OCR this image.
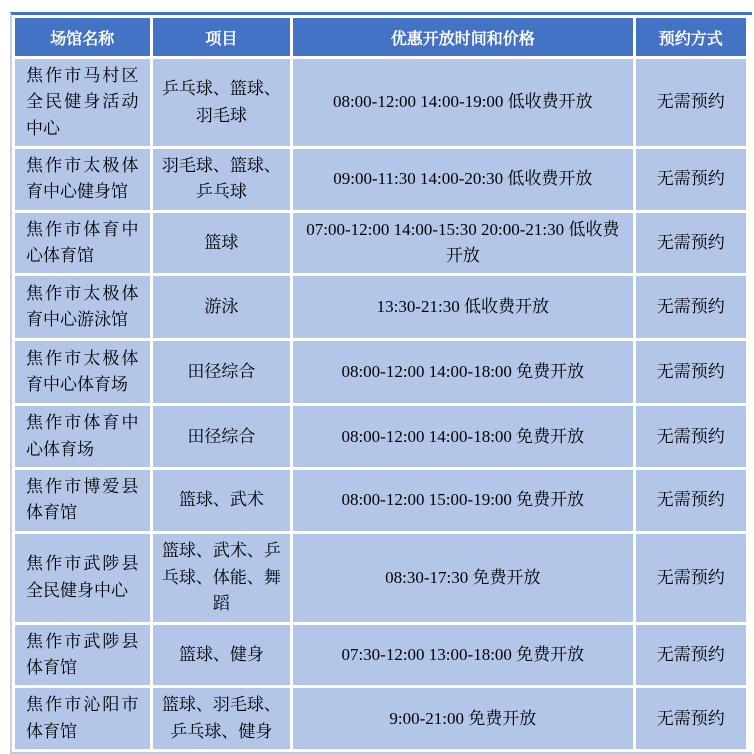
场馆名称	项目	优惠开放时间和价格	预约方式
焦作市马村区全民健身活动中心	乒乓球、篮球、羽毛球	08:00-12:00 14:00-19:00 低收费开放	无需预约
焦作市太极体育中心健身馆	羽毛球、篮球、乒乓球	09:00-11:30 14:00-20:30 低收费开放	无需预约
焦作市体育中心体育馆	篮球	07:00-12:00 14:00-15:30 20:00-21:30 低收费开放	无需预约
焦作市太极体育中心游泳馆	游泳	13:30-21:30 低收费开放	无需预约
焦作市太极体育中心体育场	田径综合	08:00-12:00 14:00-18:00 免费开放	无需预约
焦作市体育中心体育场	田径综合	08:00-12:00 14:00-18:00 免费开放	无需预约
焦作市博爱县体育馆	篮球、武术	08:00-12:00 15:00-19:00 免费开放	无需预约
焦作市武陟县全民健身中心	篮球、武术、乒乓球、体能、舞蹈	08:30-17:30 免费开放	无需预约
焦作市武陟县体育馆	篮球、健身	07:30-12:00 13:00-18:00 免费开放	无需预约
焦作市沁阳市体育馆	篮球、羽毛球、乒乓球、健身	9:00-21:00 免费开放	无需预约
